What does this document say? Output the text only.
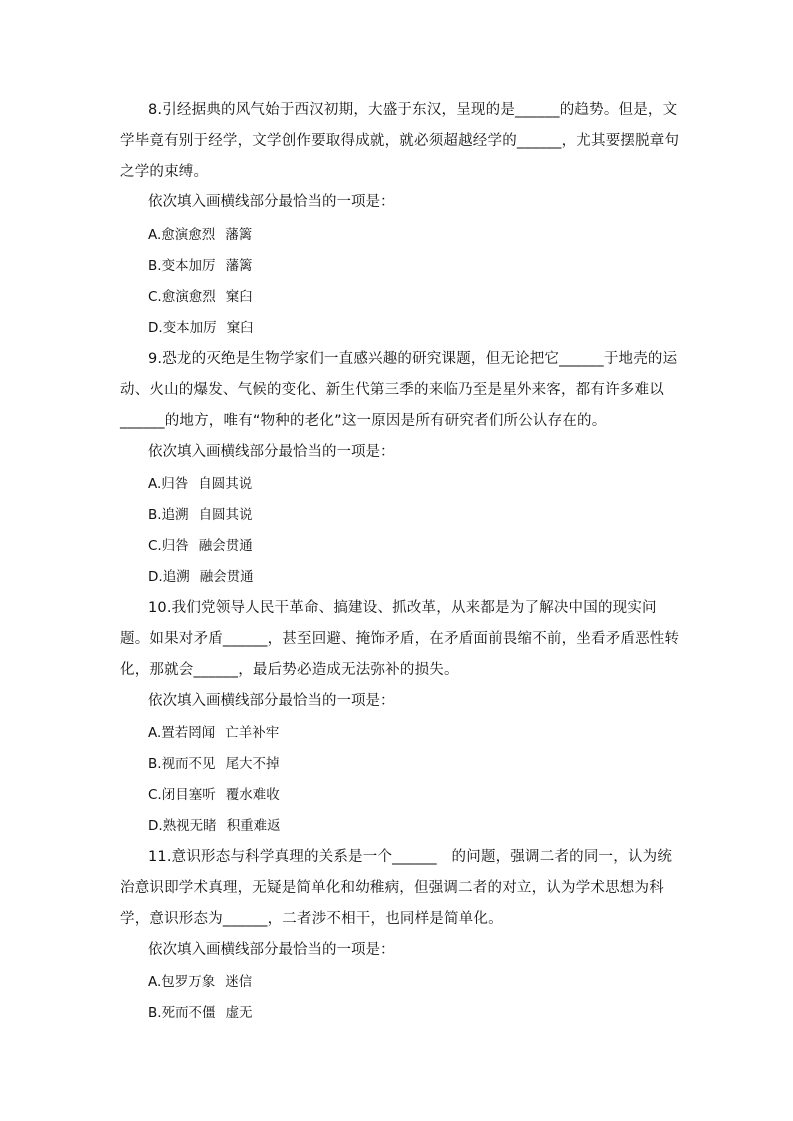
8.引经据典的风气始于西汉初期，大盛于东汉，呈现的是______的趋势。但是，文学毕竟有别于经学，文学创作要取得成就，就必须超越经学的______，尤其要摆脱章句之学的束缚。

依次填入画横线部分最恰当的一项是：

A.愈演愈烈 藩篱

B.变本加厉 藩篱

C.愈演愈烈 窠臼

D.变本加厉 窠臼

9.恐龙的灭绝是生物学家们一直感兴趣的研究课题，但无论把它______于地壳的运动、火山的爆发、气候的变化、新生代第三季的来临乃至是星外来客，都有许多难以______的地方，唯有“物种的老化”这一原因是所有研究者们所公认存在的。

依次填入画横线部分最恰当的一项是：

A.归咎 自圆其说

B.追溯 自圆其说

C.归咎 融会贯通

D.追溯 融会贯通

10.我们党领导人民干革命、搞建设、抓改革，从来都是为了解决中国的现实问题。如果对矛盾______，甚至回避、掩饰矛盾，在矛盾面前畏缩不前，坐看矛盾恶性转化，那就会______，最后势必造成无法弥补的损失。

依次填入画横线部分最恰当的一项是：

A.置若罔闻 亡羊补牢

B.视而不见 尾大不掉

C.闭目塞听 覆水难收

D.熟视无睹 积重难返

11.意识形态与科学真理的关系是一个______　的问题，强调二者的同一，认为统治意识即学术真理，无疑是简单化和幼稚病，但强调二者的对立，认为学术思想为科学，意识形态为______，二者涉不相干，也同样是简单化。

依次填入画横线部分最恰当的一项是：

A.包罗万象 迷信

B.死而不僵 虚无
